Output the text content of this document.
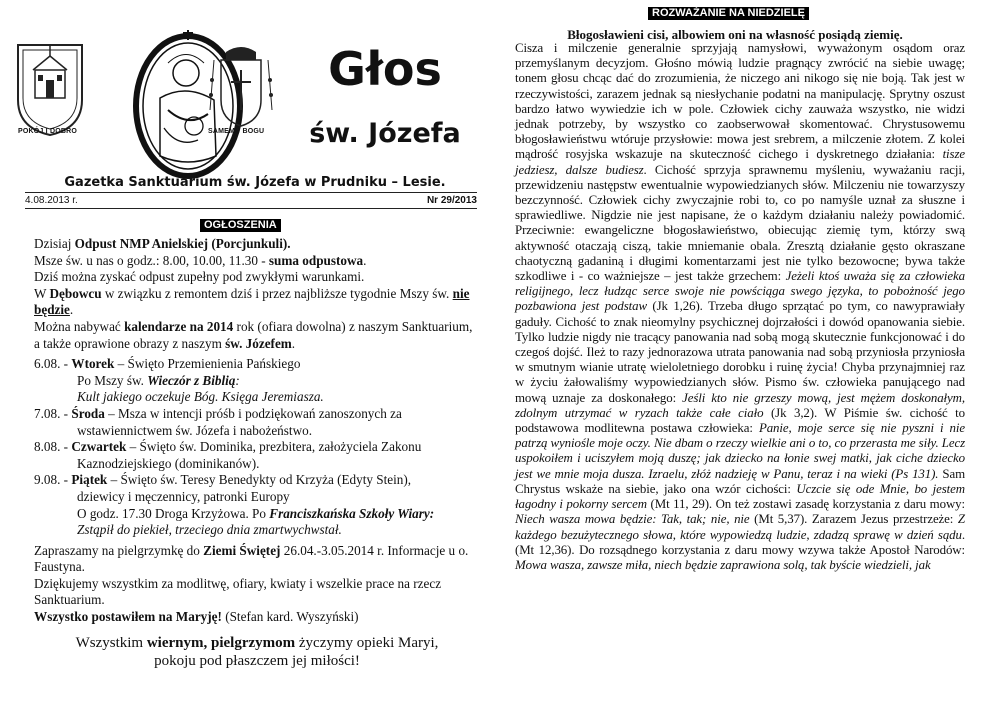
POKÓJ I DOBRO	SAMEMU BOGU
Głos
św. Józefa
Gazetka Sanktuarium św. Józefa w Prudniku – Lesie.
4.08.2013 r.	Nr 29/2013
OGŁOSZENIA

Dzisiaj Odpust NMP Anielskiej (Porcjunkuli).

Msze św. u nas o godz.: 8.00, 10.00, 11.30 - suma odpustowa.

Dziś można zyskać odpust zupełny pod zwykłymi warunkami.

W Dębowcu w związku z remontem dziś i przez najbliższe tygodnie Mszy św. nie będzie.

Można nabywać kalendarze na 2014 rok (ofiara dowolna) z naszym Sanktuarium, a także oprawione obrazy z naszym św. Józefem.

6.08. - Wtorek – Święto Przemienienia Pańskiego

Po Mszy św. Wieczór z Biblią:

Kult jakiego oczekuje Bóg. Księga Jeremiasza.

7.08. - Środa – Msza w intencji próśb i podziękowań zanoszonych za

wstawiennictwem św. Józefa i nabożeństwo.

8.08. - Czwartek – Święto św. Dominika, prezbitera, założyciela Zakonu

Kaznodziejskiego (dominikanów).

9.08. - Piątek – Święto św. Teresy Benedykty od Krzyża (Edyty Stein),

dziewicy i męczennicy, patronki Europy

O godz. 17.30 Droga Krzyżowa. Po Franciszkańska Szkoły Wiary:

Zstąpił do piekieł, trzeciego dnia zmartwychwstał.

Zapraszamy na pielgrzymkę do Ziemi Świętej 26.04.-3.05.2014 r. Informacje u o. Faustyna.

Dziękujemy wszystkim za modlitwę, ofiary, kwiaty i wszelkie prace na rzecz Sanktuarium.

Wszystko postawiłem na Maryję! (Stefan kard. Wyszyński)

Wszystkim wiernym, pielgrzymom życzymy opieki Maryi,
pokoju pod płaszczem jej miłości!
ROZWAŻANIE NA NIEDZIELĘ
Błogosławieni cisi, albowiem oni na własność posiądą ziemię.
Cisza i milczenie generalnie sprzyjają namysłowi, wyważonym osądom oraz przemyślanym decyzjom. Głośno mówią ludzie pragnący zwrócić na siebie uwagę; tonem głosu chcąc dać do zrozumienia, że niczego ani nikogo się nie boją. Tak jest w rzeczywistości, zarazem jednak są niesłychanie podatni na manipulację. Sprytny oszust bardzo łatwo wywiedzie ich w pole. Człowiek cichy zauważa wszystko, nie widzi jednak potrzeby, by wszystko co zaobserwował skomentować. Chrystusowemu błogosławieństwu wtóruje przysłowie: mowa jest srebrem, a milczenie złotem. Z kolei mądrość rosyjska wskazuje na skuteczność cichego i dyskretnego działania: tisze jedziesz, dalsze budiesz. Cichość sprzyja sprawnemu myśleniu, wyważaniu racji, przewidzeniu następstw ewentualnie wypowiedzianych słów. Milczeniu nie towarzyszy bezczynność. Człowiek cichy zwyczajnie robi to, co po namyśle uznał za słuszne i sprawiedliwe. Nigdzie nie jest napisane, że o każdym działaniu należy powiadomić. Przeciwnie: ewangeliczne błogosławieństwo, obiecując ziemię tym, którzy swą aktywność otaczają ciszą, takie mniemanie obala. Zresztą działanie gęsto okraszane chaotyczną gadaniną i długimi komentarzami jest nie tylko bezowocne; bywa także szkodliwe i - co ważniejsze – jest także grzechem: Jeżeli ktoś uważa się za człowieka religijnego, lecz łudząc serce swoje nie powściąga swego języka, to pobożność jego pozbawiona jest podstaw (Jk 1,26). Trzeba długo sprzątać po tym, co nawyprawiały gaduły. Cichość to znak nieomylny psychicznej dojrzałości i dowód opanowania siebie. Tylko ludzie nigdy nie tracący panowania nad sobą mogą skutecznie funkcjonować i do czegoś dojść. Ileż to razy jednorazowa utrata panowania nad sobą przyniosła przyniosła w smutnym wianie utratę wieloletniego dorobku i ruinę życia! Chyba przynajmniej raz w życiu żałowaliśmy wypowiedzianych słów. Pismo św. człowieka panującego nad mową uznaje za doskonałego: Jeśli kto nie grzeszy mową, jest mężem doskonałym, zdolnym utrzymać w ryzach także całe ciało (Jk 3,2). W Piśmie św. cichość to podstawowa modlitewna postawa człowieka: Panie, moje serce się nie pyszni i nie patrzą wyniośle moje oczy. Nie dbam o rzeczy wielkie ani o to, co przerasta me siły. Lecz uspokoiłem i uciszyłem moją duszę; jak dziecko na łonie swej matki, jak ciche dziecko jest we mnie moja dusza. Izraelu, złóż nadzieję w Panu, teraz i na wieki (Ps 131). Sam Chrystus wskaże na siebie, jako ona wzór cichości: Uczcie się ode Mnie, bo jestem łagodny i pokorny sercem (Mt 11, 29). On też zostawi zasadę korzystania z daru mowy: Niech wasza mowa będzie: Tak, tak; nie, nie (Mt 5,37). Zarazem Jezus przestrzeże: Z każdego bezużytecznego słowa, które wypowiedzą ludzie, zdadzą sprawę w dzień sądu. (Mt 12,36). Do rozsądnego korzystania z daru mowy wzywa także Apostoł Narodów: Mowa wasza, zawsze miła, niech będzie zaprawiona solą, tak byście wiedzieli, jak
